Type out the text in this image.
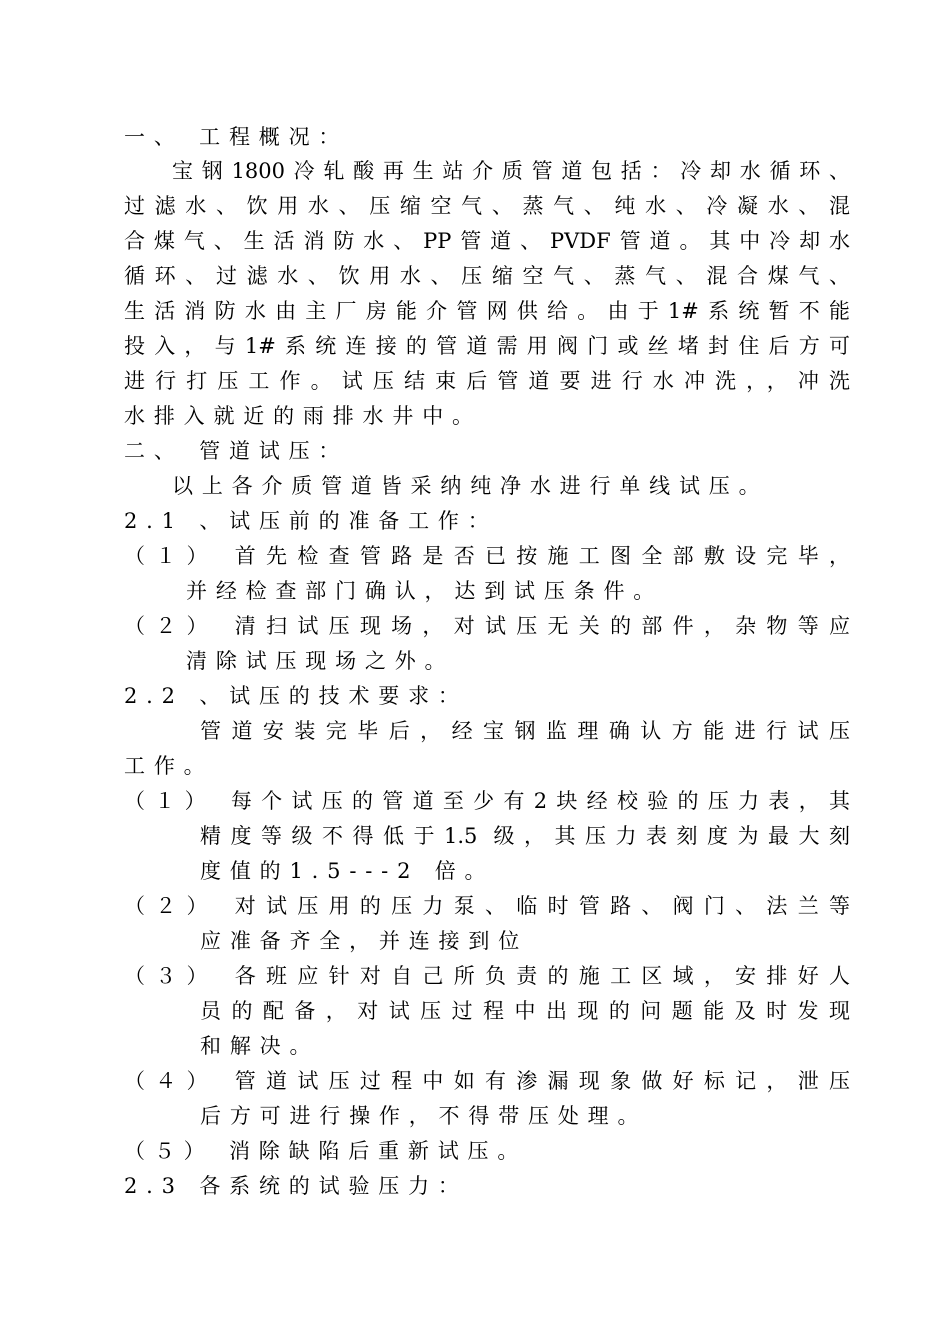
一、 工程概况：
宝钢1800冷轧酸再生站介质管道包括：冷却水循环、
过滤水、饮用水、压缩空气、蒸气、纯水、冷凝水、混
合煤气、生活消防水、PP管道、PVDF管道。其中冷却水
循环、过滤水、饮用水、压缩空气、蒸气、混合煤气、
生活消防水由主厂房能介管网供给。由于1#系统暂不能
投入，与1#系统连接的管道需用阀门或丝堵封住后方可
进行打压工作。试压结束后管道要进行水冲洗，，冲洗
水排入就近的雨排水井中。
二、 管道试压：
以上各介质管道皆采纳纯净水进行单线试压。
2.1 、试压前的准备工作：
（１） 首先检查管路是否已按施工图全部敷设完毕，
并经检查部门确认，达到试压条件。
（２） 清扫试压现场，对试压无关的部件，杂物等应
清除试压现场之外。
2.2 、试压的技术要求：
管道安装完毕后，经宝钢监理确认方能进行试压
工作。
（１） 每个试压的管道至少有2块经校验的压力表，其
精度等级不得低于1.5 级，其压力表刻度为最大刻
度值的1.5---2 倍。
（２） 对试压用的压力泵、临时管路、阀门、法兰等
应准备齐全，并连接到位
（３） 各班应针对自己所负责的施工区域，安排好人
员的配备，对试压过程中出现的问题能及时发现
和解决。
（４） 管道试压过程中如有渗漏现象做好标记，泄压
后方可进行操作，不得带压处理。
（５） 消除缺陷后重新试压。
2.3 各系统的试验压力：
